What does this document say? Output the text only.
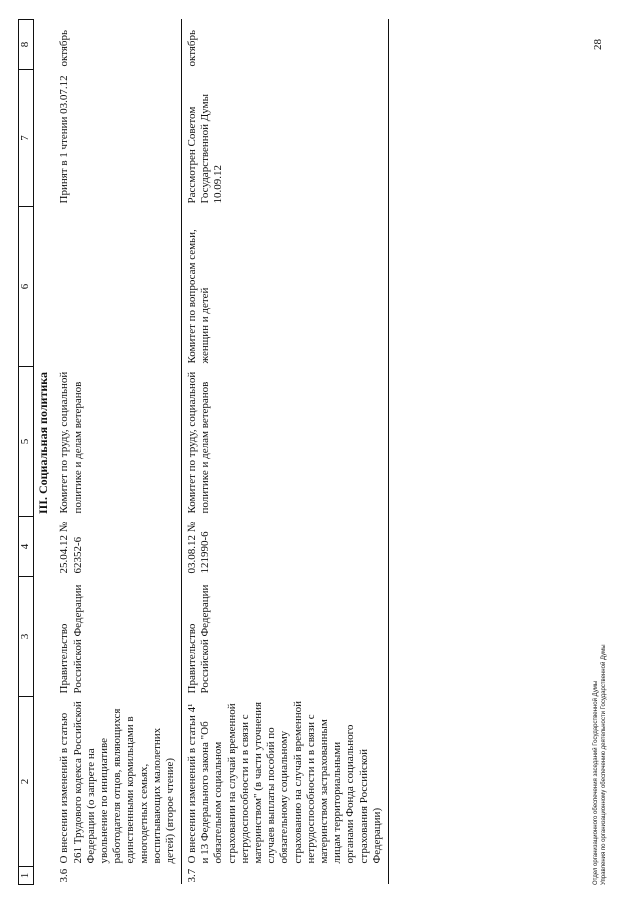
1	2	3	4	5	6	7	8
	III. Социальная политика						
3.6	О внесении изменений в статью 261 Трудового кодекса Российской Федерации (о запрете на увольнение по инициативе работодателя отцов, являющихся единственными кормильцами в многодетных семьях, воспитывающих малолетних детей) (второе чтение)	Правительство Российской Федерации	25.04.12 № 62352-6	Комитет по труду, социальной политике и делам ветеранов		Принят в 1 чтении 03.07.12	октябрь
3.7	О внесении изменений в статьи 4¹ и 13 Федерального закона "Об обязательном социальном страховании на случай временной нетрудоспособности и в связи с материнством" (в части уточнения случаев выплаты пособий по обязательному социальному страхованию на случай временной нетрудоспособности и в связи с материнством застрахованным лицам территориальными органами Фонда социального страхования Российской Федерации)	Правительство Российской Федерации	03.08.12 № 121990-6	Комитет по труду, социальной политике и делам ветеранов	Комитет по вопросам семьи, женщин и детей	Рассмотрен Советом Государственной Думы 10.09.12	октябрь
Отдел организационного обеспечения заседаний Государственной Думы Управления по организационному обеспечению деятельности Государственной Думы
28
